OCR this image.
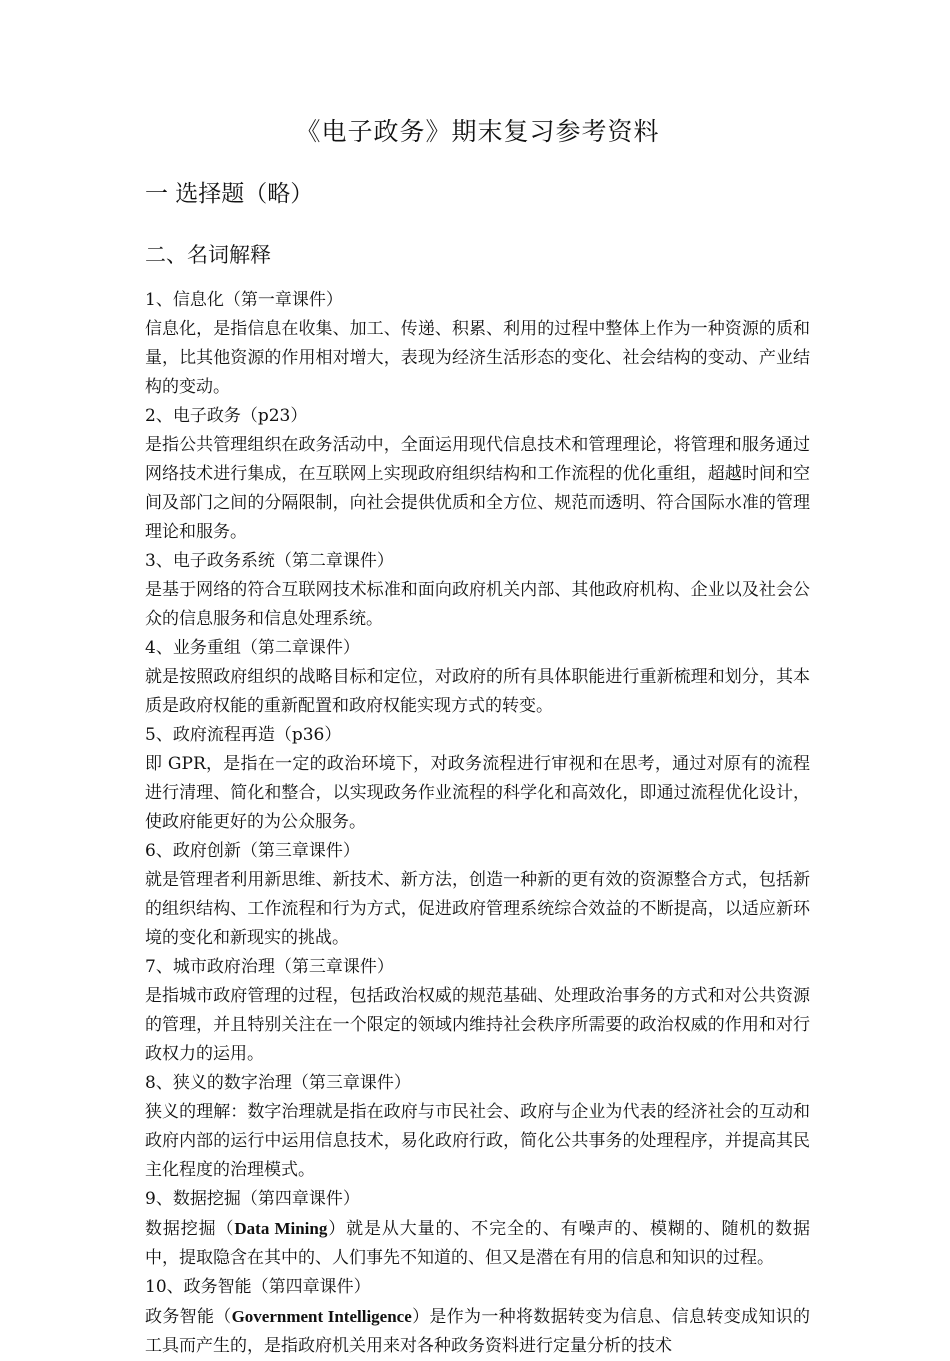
《电子政务》期末复习参考资料
一 选择题（略）
二、名词解释

1、信息化（第一章课件）

信息化，是指信息在收集、加工、传递、积累、利用的过程中整体上作为一种资源的质和量，比其他资源的作用相对增大，表现为经济生活形态的变化、社会结构的变动、产业结构的变动。

2、电子政务（p23）

是指公共管理组织在政务活动中，全面运用现代信息技术和管理理论，将管理和服务通过网络技术进行集成，在互联网上实现政府组织结构和工作流程的优化重组，超越时间和空间及部门之间的分隔限制，向社会提供优质和全方位、规范而透明、符合国际水准的管理理论和服务。

3、电子政务系统（第二章课件）

是基于网络的符合互联网技术标准和面向政府机关内部、其他政府机构、企业以及社会公众的信息服务和信息处理系统。

4、业务重组（第二章课件）

就是按照政府组织的战略目标和定位，对政府的所有具体职能进行重新梳理和划分，其本质是政府权能的重新配置和政府权能实现方式的转变。

5、政府流程再造（p36）

即 GPR，是指在一定的政治环境下，对政务流程进行审视和在思考，通过对原有的流程进行清理、简化和整合，以实现政务作业流程的科学化和高效化，即通过流程优化设计，使政府能更好的为公众服务。

6、政府创新（第三章课件）

就是管理者利用新思维、新技术、新方法，创造一种新的更有效的资源整合方式，包括新的组织结构、工作流程和行为方式，促进政府管理系统综合效益的不断提高，以适应新环境的变化和新现实的挑战。

7、城市政府治理（第三章课件）

是指城市政府管理的过程，包括政治权威的规范基础、处理政治事务的方式和对公共资源的管理，并且特别关注在一个限定的领域内维持社会秩序所需要的政治权威的作用和对行政权力的运用。

8、狭义的数字治理（第三章课件）

狭义的理解：数字治理就是指在政府与市民社会、政府与企业为代表的经济社会的互动和政府内部的运行中运用信息技术，易化政府行政，简化公共事务的处理程序，并提高其民主化程度的治理模式。

9、数据挖掘（第四章课件）

数据挖掘（Data Mining）就是从大量的、不完全的、有噪声的、模糊的、随机的数据中，提取隐含在其中的、人们事先不知道的、但又是潜在有用的信息和知识的过程。

10、政务智能（第四章课件）

政务智能（Government Intelligence）是作为一种将数据转变为信息、信息转变成知识的工具而产生的，是指政府机关用来对各种政务资料进行定量分析的技术
